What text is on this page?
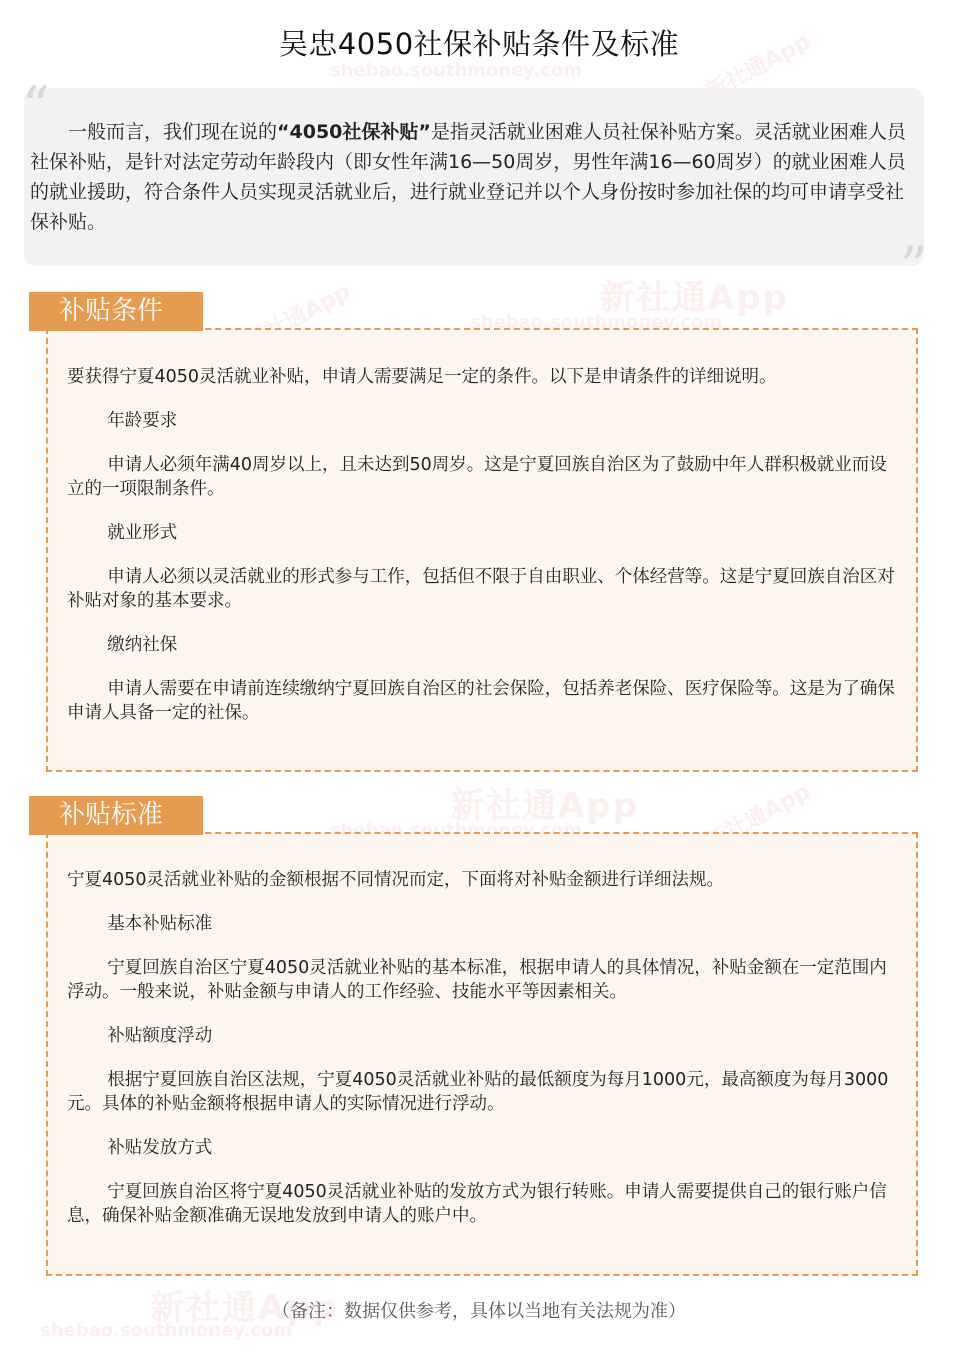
新社通App
shebao.southmoney.com
新社通App
shebao.southmoney.com
新社通App
shebao.southmoney.com
shebao.southmoney.com	新社通App
新社通App
新社通App
吴忠4050社保补贴条件及标准
“
”

一般而言，我们现在说的“4050社保补贴”是指灵活就业困难人员社保补贴方案。灵活就业困难人员社保补贴，是针对法定劳动年龄段内（即女性年满16—50周岁，男性年满16—60周岁）的就业困难人员的就业援助，符合条件人员实现灵活就业后，进行就业登记并以个人身份按时参加社保的均可申请享受社保补贴。

补贴条件

要获得宁夏4050灵活就业补贴，申请人需要满足一定的条件。以下是申请条件的详细说明。

年龄要求

申请人必须年满40周岁以上，且未达到50周岁。这是宁夏回族自治区为了鼓励中年人群积极就业而设立的一项限制条件。

就业形式

申请人必须以灵活就业的形式参与工作，包括但不限于自由职业、个体经营等。这是宁夏回族自治区对补贴对象的基本要求。

缴纳社保

申请人需要在申请前连续缴纳宁夏回族自治区的社会保险，包括养老保险、医疗保险等。这是为了确保申请人具备一定的社保。

补贴标准

宁夏4050灵活就业补贴的金额根据不同情况而定，下面将对补贴金额进行详细法规。

基本补贴标准

宁夏回族自治区宁夏4050灵活就业补贴的基本标准，根据申请人的具体情况，补贴金额在一定范围内浮动。一般来说，补贴金额与申请人的工作经验、技能水平等因素相关。

补贴额度浮动

根据宁夏回族自治区法规，宁夏4050灵活就业补贴的最低额度为每月1000元，最高额度为每月3000元。具体的补贴金额将根据申请人的实际情况进行浮动。

补贴发放方式

宁夏回族自治区将宁夏4050灵活就业补贴的发放方式为银行转账。申请人需要提供自己的银行账户信息，确保补贴金额准确无误地发放到申请人的账户中。

（备注：数据仅供参考，具体以当地有关法规为准）
